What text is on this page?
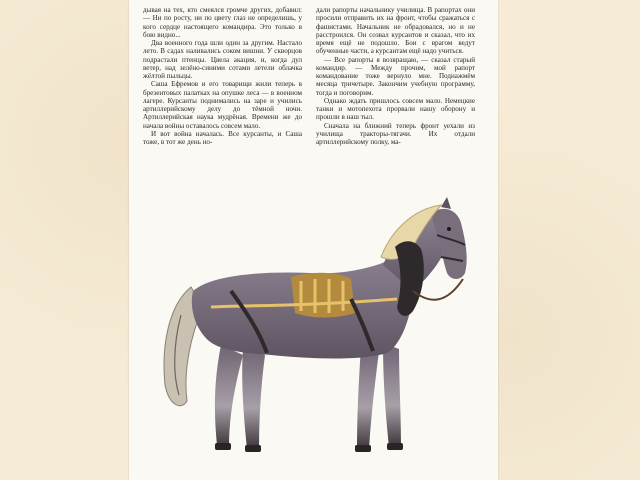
дывая на тех, кто смеялся громче других, добавил: — Ни по росту, ни по цвету глаз не определишь, у кого сердце настоящего командира. Это только в бою видно...

Два военного года шли один за другим. Настало лето. В садах наливались соком вишни. У скворцов подрастали птенцы. Цвела акация, и, когда дул ветер, над зелёно-синими сотами летели облачка жёлтой пыльцы.

Саша Ефремов и его товарищи жили теперь в брезентовых палатках на опушке леса — в военном лагере. Курсанты поднимались на заре и учились артиллерийскому делу до тёмной ночи. Артиллерийская наука мудрёная. Времени же до начала войны оставалось совсем мало.

И вот война началась. Все курсанты, и Саша тоже, в тот же день но-

дали рапорты начальнику училища. В рапортах они просили отправить их на фронт, чтобы сражаться с фашистами. Начальник не обрадовался, но и не расстроился. Он созвал курсантов и сказал, что их время ещё не подошло. Бои с врагом ведут обученные части, а курсантам ещё надо учиться.

— Все рапорты я возвращаю, — сказал старый командир. — Между прочим, мой рапорт командование тоже вернуло мне. Поднажмём месяца тричетыре. Закончим учебную программу, тогда и поговорим.

Однако ждать пришлось совсем мало. Немецкие танки и мотопехота прорвали нашу оборону и прошли в наш тыл.

Сначала на ближний теперь фронт уехали из училища тракторы-тягачи. Их отдали артиллерийскому полку, ма-
